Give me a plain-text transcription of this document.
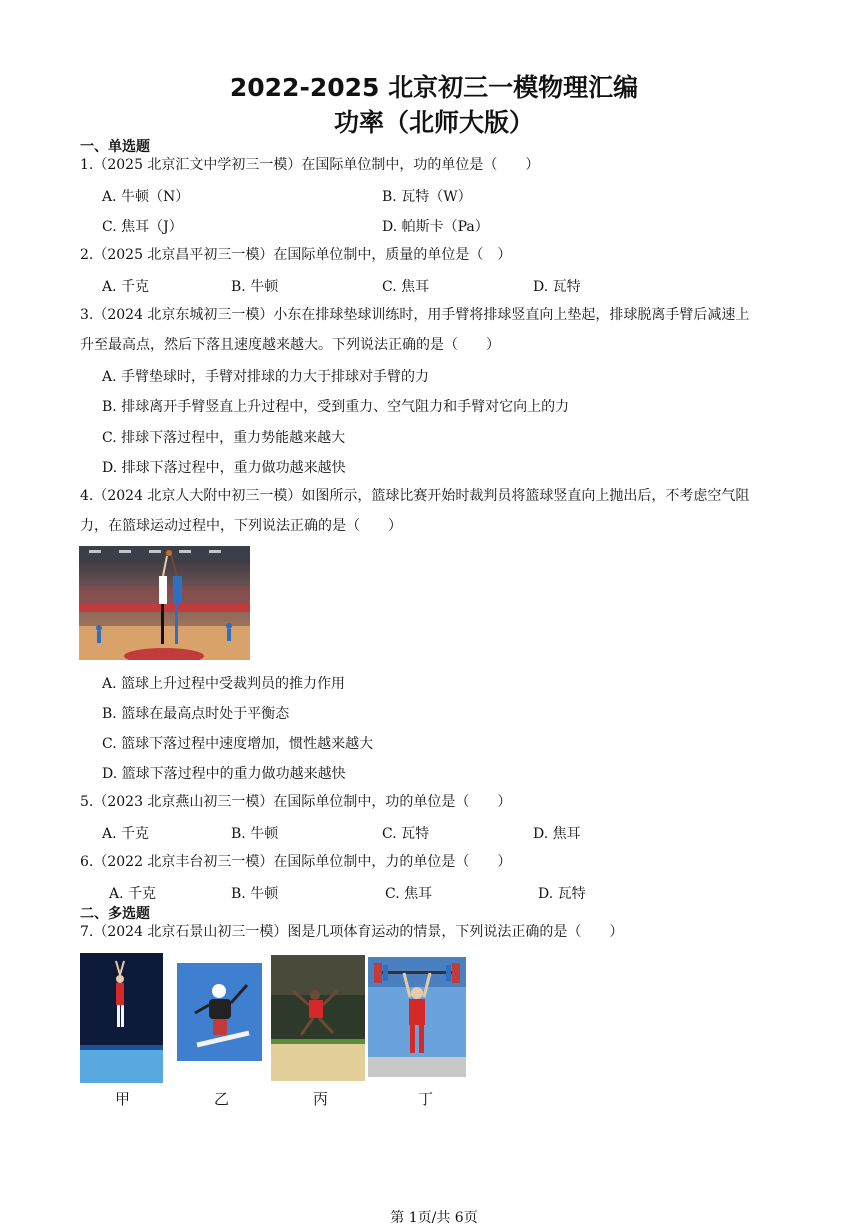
2022-2025 北京初三一模物理汇编
功率（北师大版）
一、单选题
1.（2025 北京汇文中学初三一模）在国际单位制中，功的单位是（　　）
A. 牛顿（N）	B. 瓦特（W）
C. 焦耳（J）	D. 帕斯卡（Pa）
2.（2025 北京昌平初三一模）在国际单位制中，质量的单位是（　）
A. 千克	B. 牛顿	C. 焦耳	D. 瓦特
3.（2024 北京东城初三一模）小东在排球垫球训练时，用手臂将排球竖直向上垫起，排球脱离手臂后减速上
升至最高点，然后下落且速度越来越大。下列说法正确的是（　　）
A. 手臂垫球时，手臂对排球的力大于排球对手臂的力
B. 排球离开手臂竖直上升过程中，受到重力、空气阻力和手臂对它向上的力
C. 排球下落过程中，重力势能越来越大
D. 排球下落过程中，重力做功越来越快
4.（2024 北京人大附中初三一模）如图所示，篮球比赛开始时裁判员将篮球竖直向上抛出后，不考虑空气阻
力，在篮球运动过程中，下列说法正确的是（　　）
A. 篮球上升过程中受裁判员的推力作用
B. 篮球在最高点时处于平衡态
C. 篮球下落过程中速度增加，惯性越来越大
D. 篮球下落过程中的重力做功越来越快
5.（2023 北京燕山初三一模）在国际单位制中，功的单位是（　　）
A. 千克	B. 牛顿	C. 瓦特	D. 焦耳
6.（2022 北京丰台初三一模）在国际单位制中，力的单位是（　　）
A. 千克	B. 牛顿	C. 焦耳	D. 瓦特
二、多选题
7.（2024 北京石景山初三一模）图是几项体育运动的情景，下列说法正确的是（　　）
甲	乙	丙	丁
第 1页/共 6页
